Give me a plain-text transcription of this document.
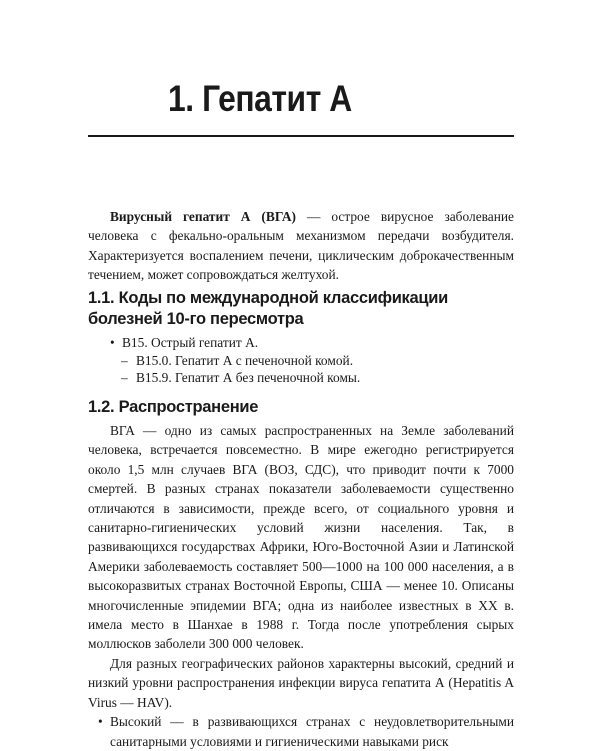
1. Гепатит А

Вирусный гепатит А (ВГА) — острое вирусное заболевание человека с фекально-оральным механизмом передачи возбудителя. Характеризуется воспалением печени, циклическим доброкачественным течением, может сопровождаться желтухой.

1.1. Коды по международной классификации болезней 10-го пересмотра
• B15. Острый гепатит А.
– B15.0. Гепатит А с печеночной комой.
– B15.9. Гепатит А без печеночной комы.
1.2. Распространение

ВГА — одно из самых распространенных на Земле заболеваний человека, встречается повсеместно. В мире ежегодно регистрируется около 1,5 млн случаев ВГА (ВОЗ, СДС), что приводит почти к 7000 смертей. В разных странах показатели заболеваемости существенно отличаются в зависимости, прежде всего, от социального уровня и санитарно-гигиенических условий жизни населения. Так, в развивающихся государствах Африки, Юго-Восточной Азии и Латинской Америки заболеваемость составляет 500—1000 на 100 000 населения, а в высокоразвитых странах Восточной Европы, США — менее 10. Описаны многочисленные эпидемии ВГА; одна из наиболее известных в XX в. имела место в Шанхае в 1988 г. Тогда после употребления сырых моллюсков заболели 300 000 человек.

Для разных географических районов характерны высокий, средний и низкий уровни распространения инфекции вируса гепатита А (Hepatitis A Virus — HAV).

• Высокий — в развивающихся странах с неудовлетворительными санитарными условиями и гигиеническими навыками риск
